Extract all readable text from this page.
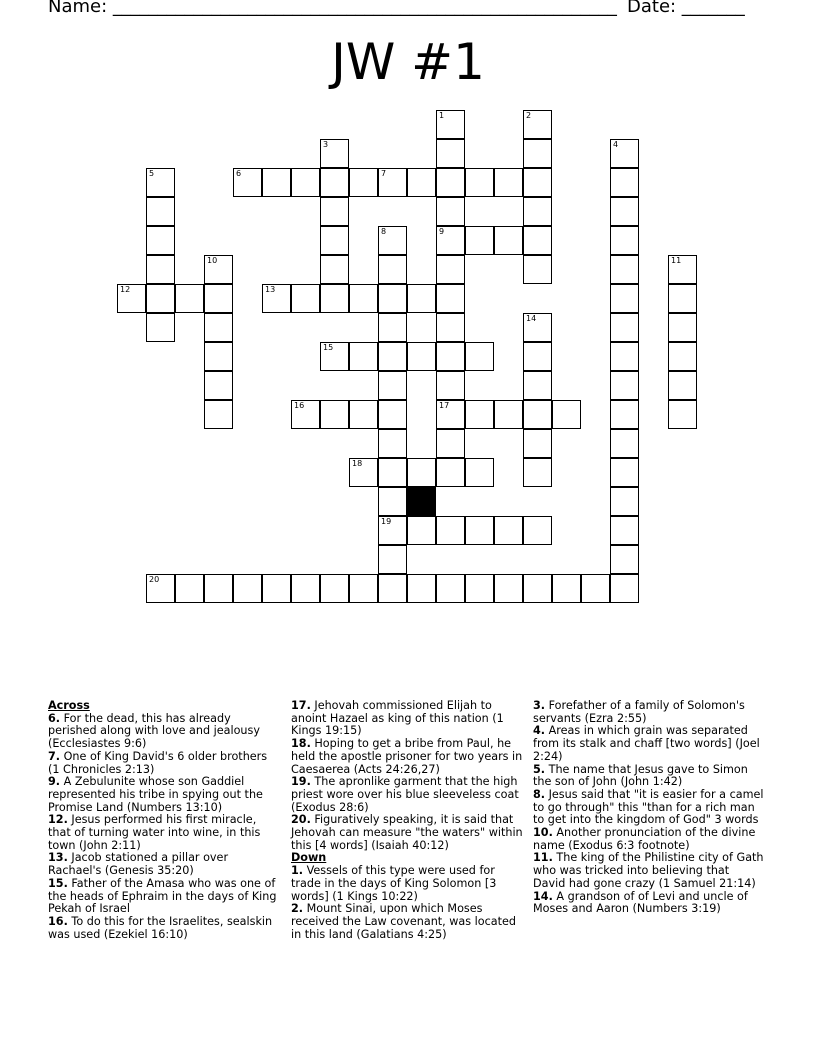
Name: ________________________________________________________ Date: _______
JW #1
6	7
9
12	13
15
16	17
18
19
20
1	2
3	4
5
8
10	11
14
Across
6. For the dead, this has already perished along with love and jealousy (Ecclesiastes 9:6)
7. One of King David's 6 older brothers (1 Chronicles 2:13)
9. A Zebulunite whose son Gaddiel represented his tribe in spying out the Promise Land (Numbers 13:10)
12. Jesus performed his first miracle, that of turning water into wine, in this town (John 2:11)
13. Jacob stationed a pillar over Rachael's (Genesis 35:20)
15. Father of the Amasa who was one of the heads of Ephraim in the days of King Pekah of Israel
16. To do this for the Israelites, sealskin was used (Ezekiel 16:10)
17. Jehovah commissioned Elijah to anoint Hazael as king of this nation (1 Kings 19:15)
18. Hoping to get a bribe from Paul, he held the apostle prisoner for two years in Caesaerea (Acts 24:26,27)
19. The apronlike garment that the high priest wore over his blue sleeveless coat (Exodus 28:6)
20. Figuratively speaking, it is said that Jehovah can measure "the waters" within this [4 words] (Isaiah 40:12)
Down
1. Vessels of this type were used for trade in the days of King Solomon [3 words] (1 Kings 10:22)
2. Mount Sinai, upon which Moses received the Law covenant, was located in this land (Galatians 4:25)
3. Forefather of a family of Solomon's servants (Ezra 2:55)
4. Areas in which grain was separated from its stalk and chaff [two words] (Joel 2:24)
5. The name that Jesus gave to Simon the son of John (John 1:42)
8. Jesus said that "it is easier for a camel to go through" this "than for a rich man to get into the kingdom of God" 3 words
10. Another pronunciation of the divine name (Exodus 6:3 footnote)
11. The king of the Philistine city of Gath who was tricked into believing that David had gone crazy (1 Samuel 21:14)
14. A grandson of of Levi and uncle of Moses and Aaron (Numbers 3:19)
